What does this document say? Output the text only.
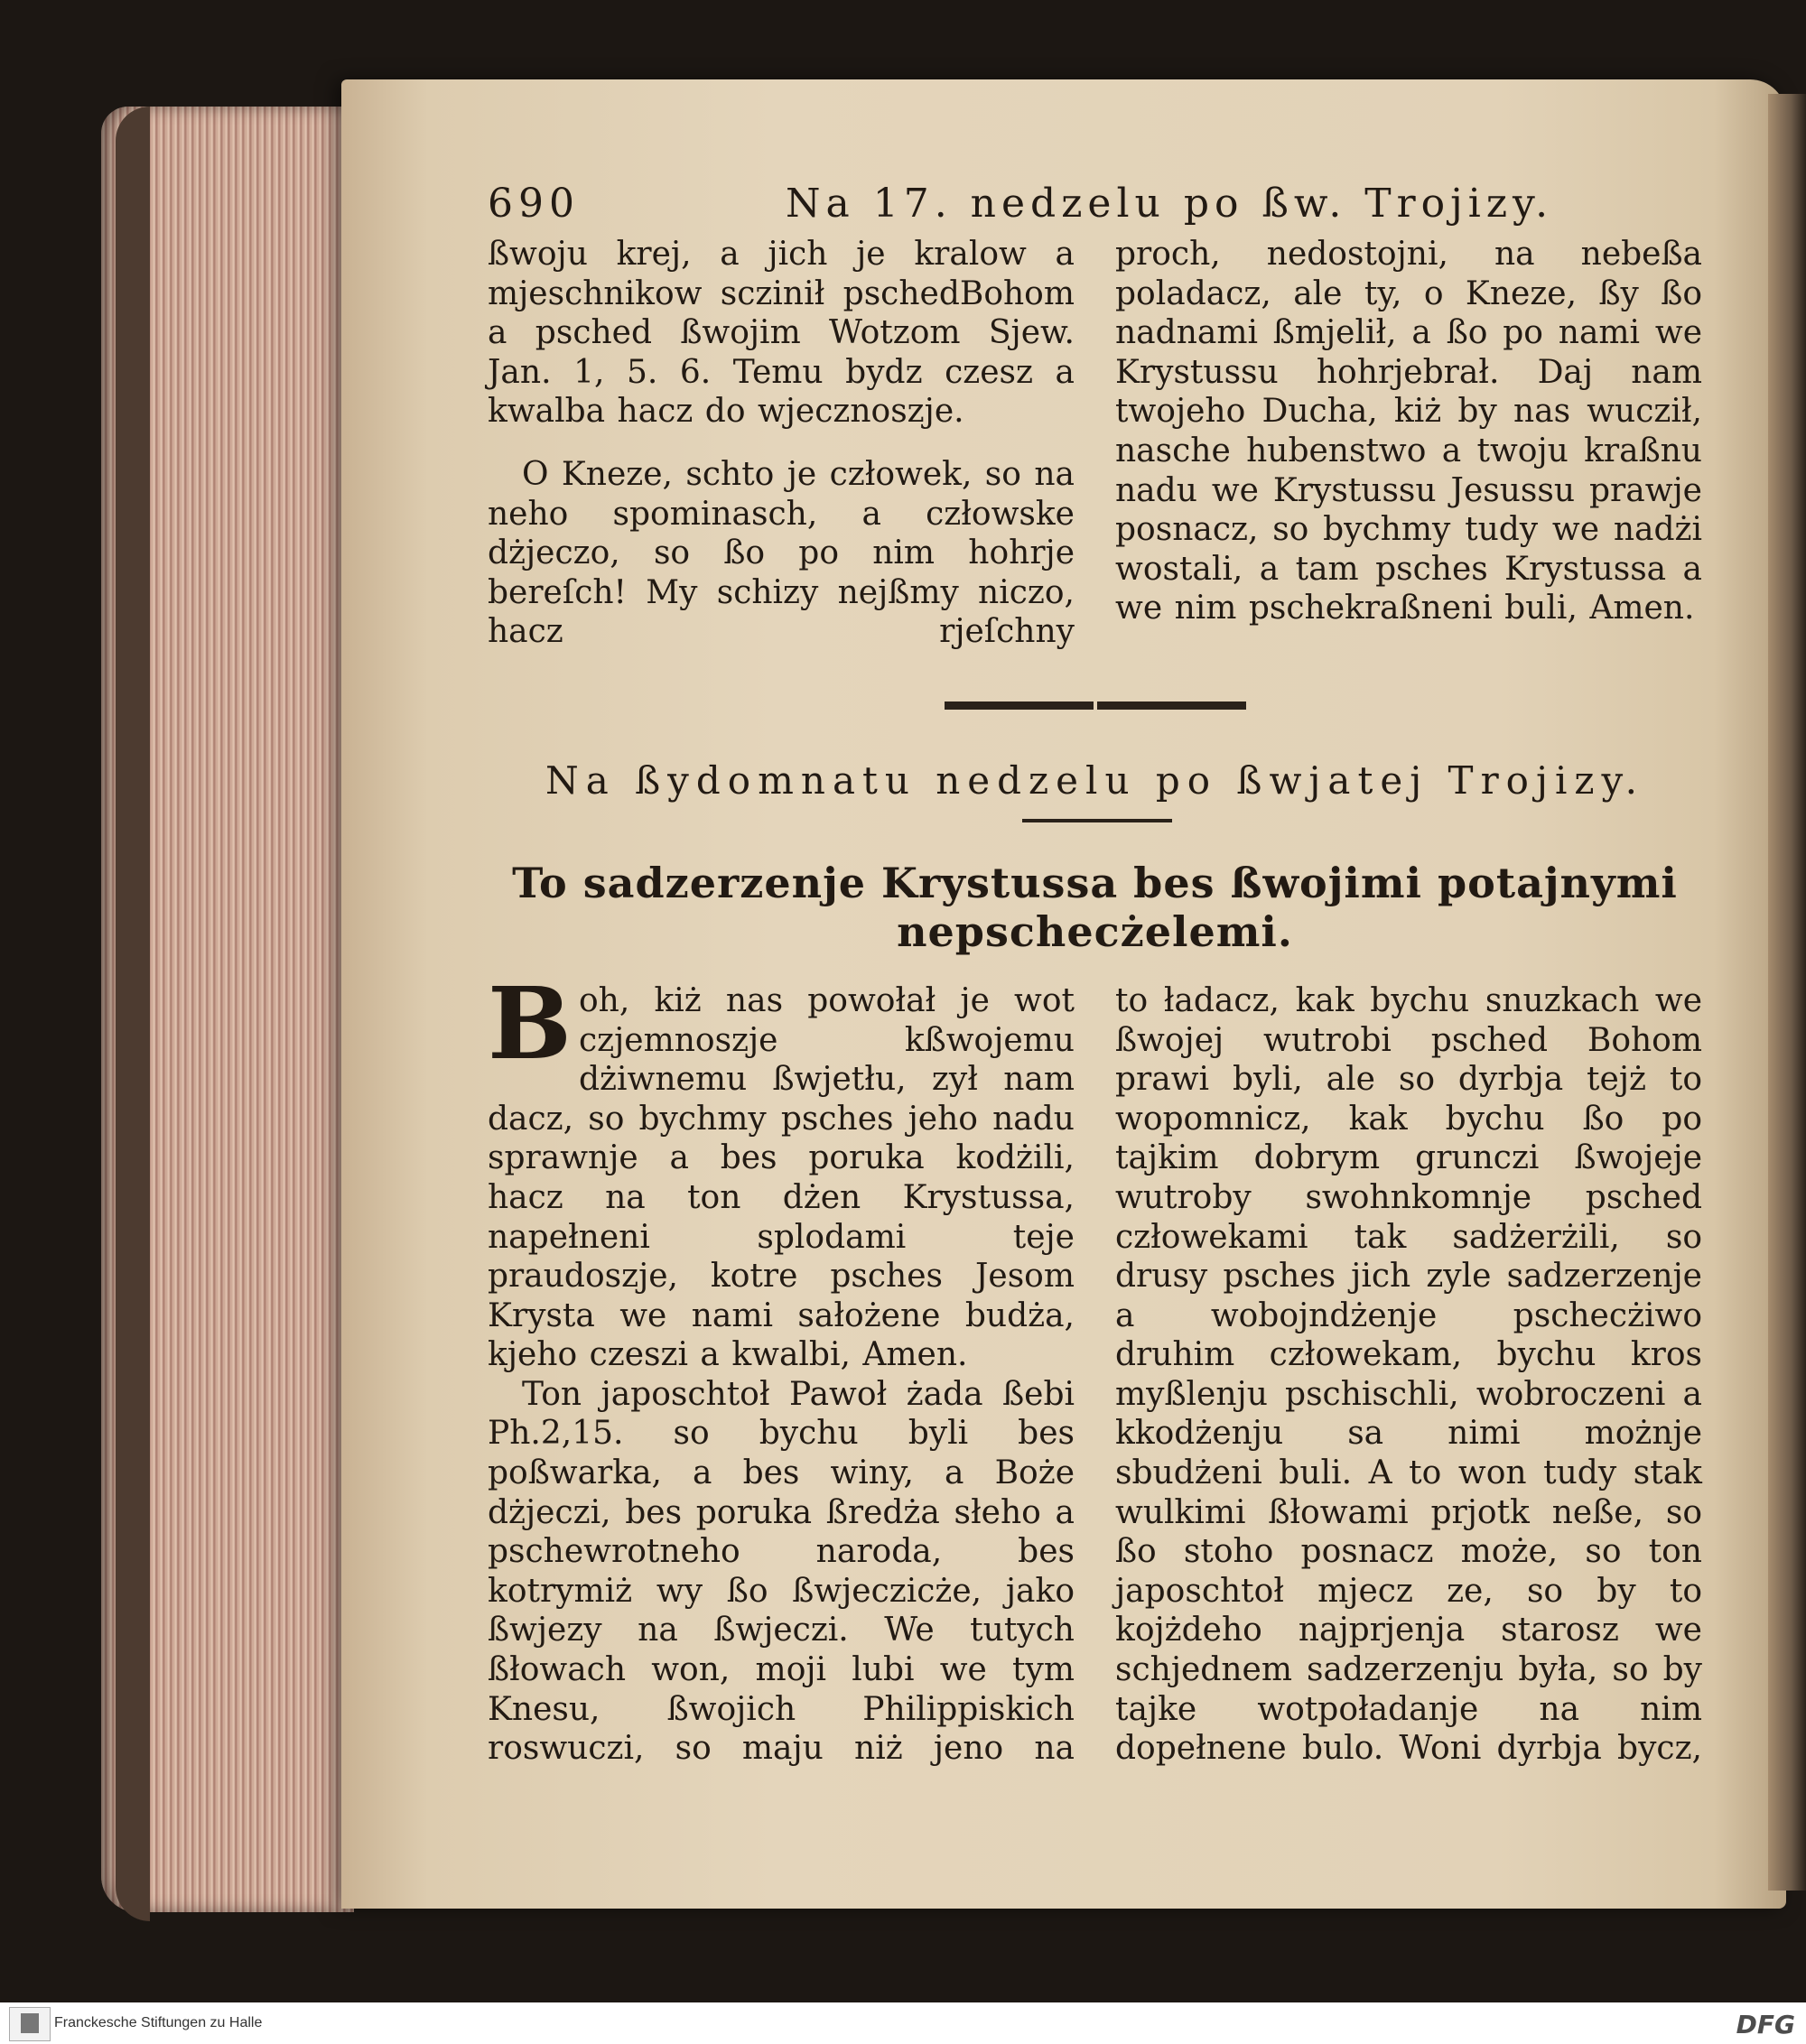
690	Na 17. nedzelu po ßw. Trojizy.

ßwoju krej, a jich je kralow a mjeschnikow sczinił pschedBohom a psched ßwojim Wotzom Sjew. Jan. 1, 5. 6. Temu bydz czesz a kwalba hacz do wjecznoszje.

O Kneze, schto je człowek, so na neho spominasch, a człowske dżjeczo, so ßo po nim hohrje bereſch! My schizy nejßmy niczo, hacz rjeſchny

proch, nedostojni, na nebeßa poladacz, ale ty, o Kneze, ßy ßo nadnami ßmjelił, a ßo po nami we Krystussu hohrjebrał. Daj nam twojeho Ducha, kiż by nas wucził, nasche hubenstwo a twoju kraßnu nadu we Krystussu Jesussu prawje posnacz, so bychmy tudy we nadżi wostali, a tam psches Krystussa a we nim pschekraßneni buli, Amen.

Na ßydomnatu nedzelu po ßwjatej Trojizy.
To sadzerzenje Krystussa bes ßwojimi potajnymi nepschecżelemi.

Boh, kiż nas powołał je wot czjemnoszje kßwojemu dżiwnemu ßwjetłu, zył nam dacz, so bychmy psches jeho nadu sprawnje a bes poruka kodżili, hacz na ton dżen Krystussa, napełneni splodami teje praudoszje, kotre psches Jesom Krysta we nami sałożene budża, kjeho czeszi a kwalbi, Amen.

Ton japoschtoł Pawoł żada ßebi Ph.2,15. so bychu byli bes poßwarka, a bes winy, a Boże dżjeczi, bes poruka ßredża słeho a pschewrotneho naroda, bes kotrymiż wy ßo ßwjeczicże, jako ßwjezy na ßwjeczi. We tutych ßłowach won, moji lubi we tym Knesu, ßwojich Philippiskich roswuczi, so maju niż jeno na

to ładacz, kak bychu snuzkach we ßwojej wutrobi psched Bohom prawi byli, ale so dyrbja tejż to wopomnicz, kak bychu ßo po tajkim dobrym grunczi ßwojeje wutroby swohnkomnje psched człowekami tak sadżerżili, so drusy psches jich zyle sadzerzenje a wobojndżenje pschecżiwo druhim człowekam, bychu kros myßlenju pschischli, wobroczeni a kkodżenju sa nimi możnje sbudżeni buli. A to won tudy stak wulkimi ßłowami prjotk neße, so ßo stoho posnacz może, so ton japoschtoł mjecz ze, so by to kojżdeho najprjenja starosz we schjednem sadzerzenju była, so by tajke wotpoładanje na nim dopełnene bulo. Woni dyrbja bycz,

Franckesche Stiftungen zu Halle	DFG
